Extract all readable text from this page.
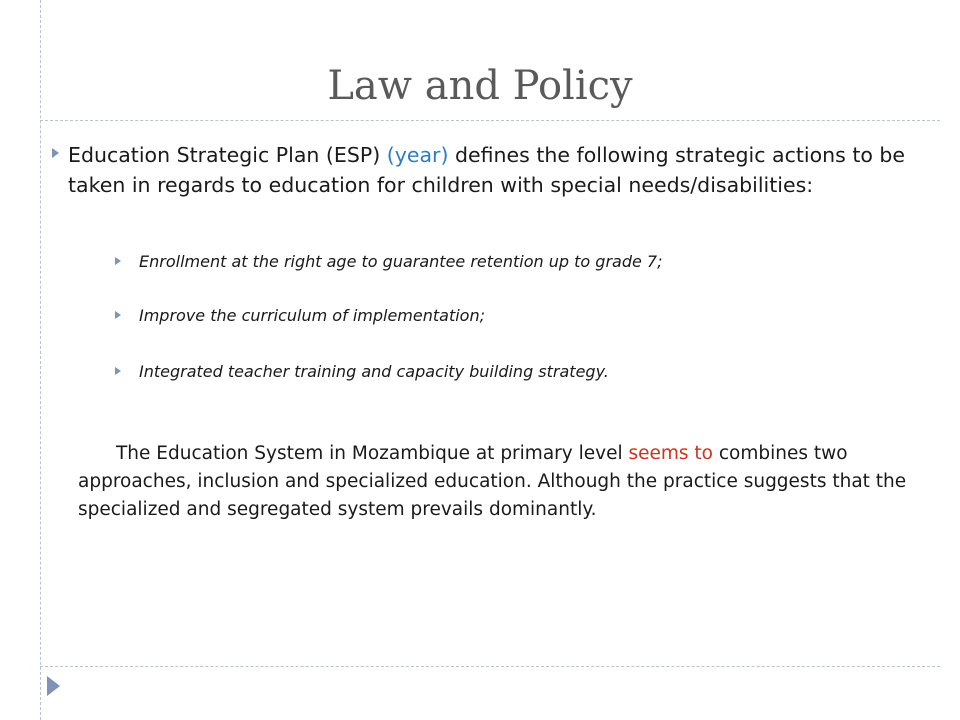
Law and Policy
Education Strategic Plan (ESP) (year) defines the following strategic actions to be taken in regards to education for children with special needs/disabilities:
Enrollment at the right age to guarantee retention up to grade 7;
Improve the curriculum of implementation;
Integrated teacher training and capacity building strategy.
The Education System in Mozambique at primary level seems to combines two approaches, inclusion and specialized education. Although the practice suggests that the specialized and segregated system prevails dominantly.
